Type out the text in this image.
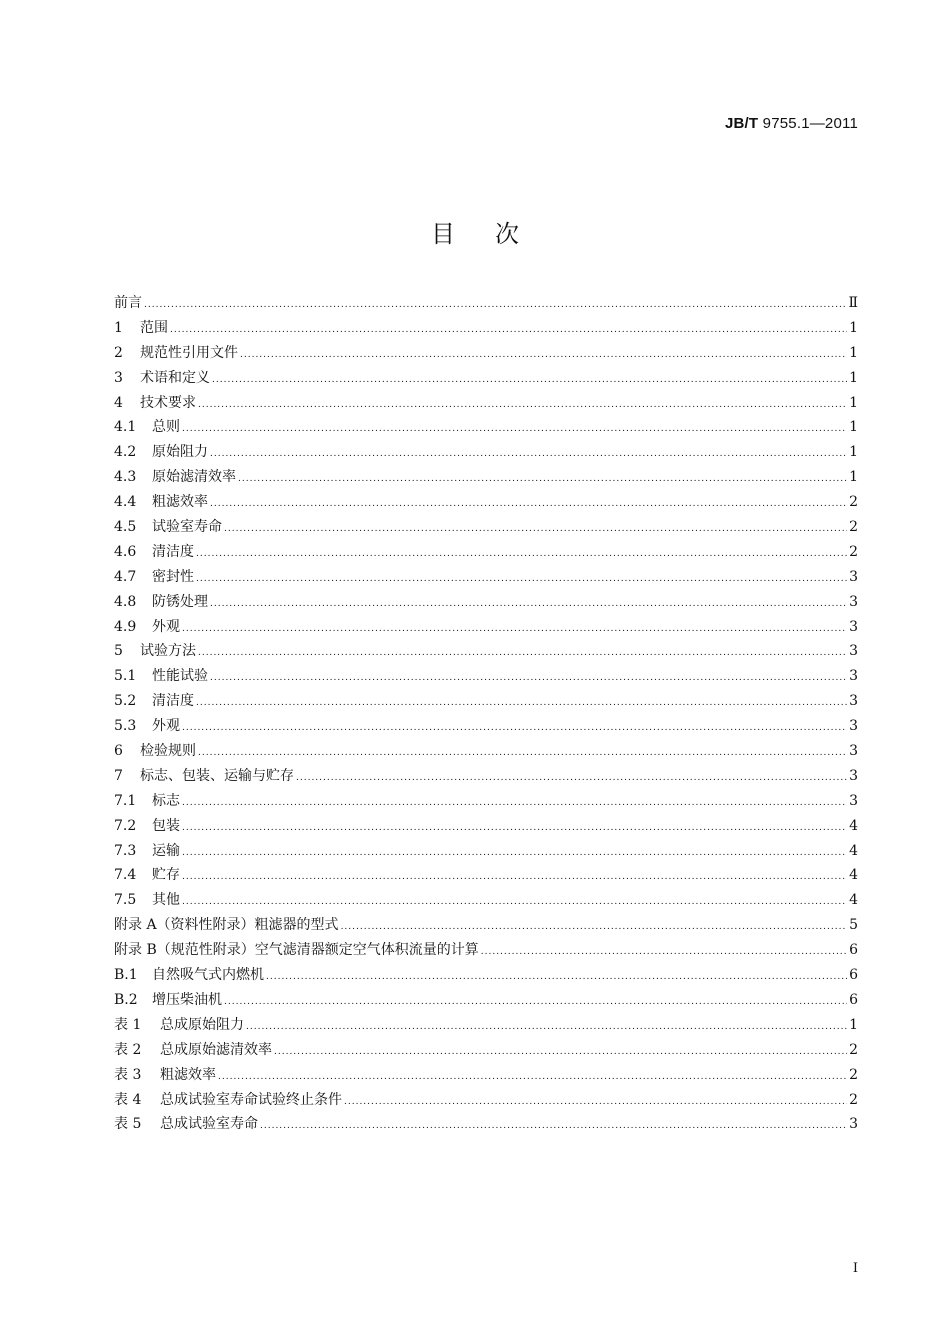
JB/T 9755.1—2011
目次
前言 .....	Ⅱ
1 范围 .....	1
2 规范性引用文件 .....	1
3 术语和定义 .....	1
4 技术要求 .....	1
4.1 总则 .....	1
4.2 原始阻力 .....	1
4.3 原始滤清效率 .....	1
4.4 粗滤效率 .....	2
4.5 试验室寿命 .....	2
4.6 清洁度 .....	2
4.7 密封性 .....	3
4.8 防锈处理 .....	3
4.9 外观 .....	3
5 试验方法 .....	3
5.1 性能试验 .....	3
5.2 清洁度 .....	3
5.3 外观 .....	3
6 检验规则 .....	3
7 标志、包装、运输与贮存 .....	3
7.1 标志 .....	3
7.2 包装 .....	4
7.3 运输 .....	4
7.4 贮存 .....	4
7.5 其他 .....	4
附录 A（资料性附录）粗滤器的型式 .....	5
附录 B（规范性附录）空气滤清器额定空气体积流量的计算 .....	6
B.1 自然吸气式内燃机 .....	6
B.2 增压柴油机 .....	6
表 1 总成原始阻力 .....	1
表 2 总成原始滤清效率 .....	2
表 3 粗滤效率 .....	2
表 4 总成试验室寿命试验终止条件 .....	2
表 5 总成试验室寿命 .....	3
I
